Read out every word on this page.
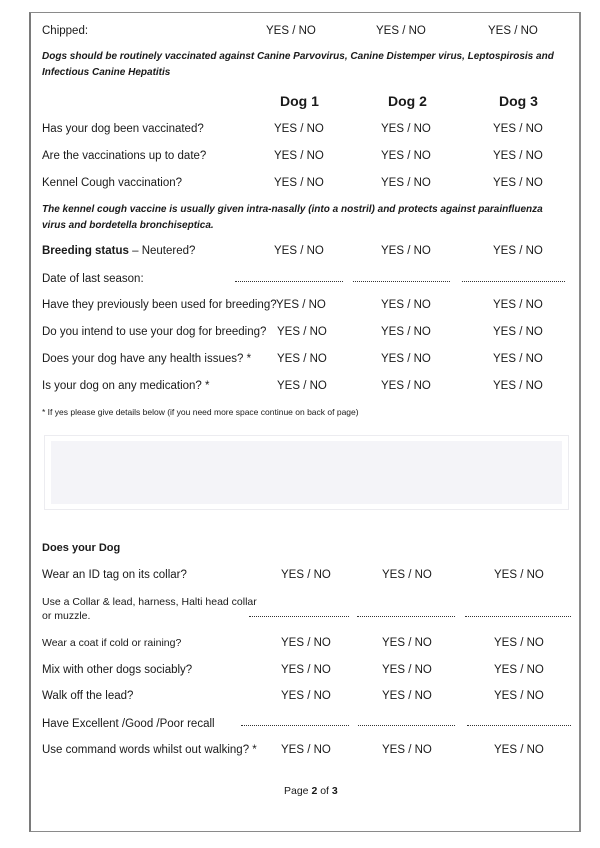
Chipped:	YES / NO	YES / NO	YES / NO
Dogs should be routinely vaccinated against Canine Parvovirus, Canine Distemper virus, Leptospirosis and Infectious Canine Hepatitis
Dog 1	Dog 2	Dog 3
Has your dog been vaccinated?	YES / NO	YES / NO	YES / NO
Are the vaccinations up to date?	YES / NO	YES / NO	YES / NO
Kennel Cough vaccination?	YES / NO	YES / NO	YES / NO
The kennel cough vaccine is usually given intra-nasally (into a nostril) and protects against parainfluenza virus and bordetella bronchiseptica.
Breeding status – Neutered?	YES / NO	YES / NO	YES / NO
Date of last season:
Have they previously been used for breeding? YES / NO	YES / NO	YES / NO
Do you intend to use your dog for breeding? YES / NO	YES / NO	YES / NO
Does your dog have any health issues? * YES / NO	YES / NO	YES / NO
Is your dog on any medication? *	YES / NO	YES / NO	YES / NO
* If yes please give details below (if you need more space continue on back of page)
Does your Dog
Wear an ID tag on its collar?	YES / NO	YES / NO	YES / NO
Use a Collar & lead, harness, Halti head collar
or muzzle.
Wear a coat if cold or raining?	YES / NO	YES / NO	YES / NO
Mix with other dogs sociably?	YES / NO	YES / NO	YES / NO
Walk off the lead?	YES / NO	YES / NO	YES / NO
Have Excellent /Good /Poor recall
Use command words whilst out walking? * YES / NO	YES / NO	YES / NO
Page 2 of 3
